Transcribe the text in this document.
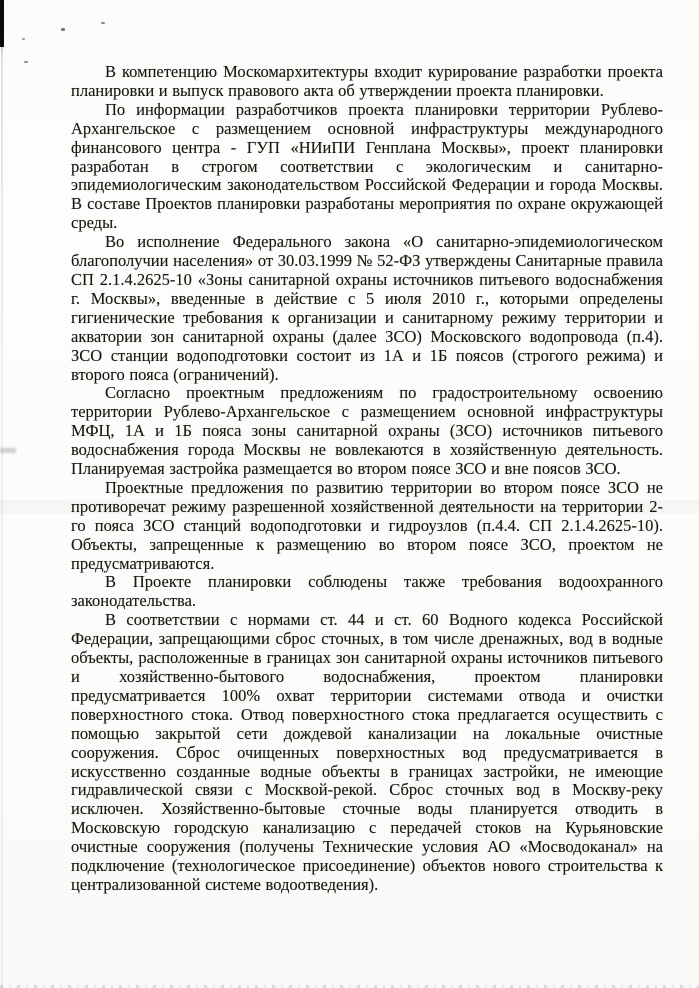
В компетенцию Москомархитектуры входит курирование разработки проекта планировки и выпуск правового акта об утверждении проекта планировки.

По информации разработчиков проекта планировки территории Рублево-Архангельское с размещением основной инфраструктуры международного финансового центра - ГУП «НИиПИ Генплана Москвы», проект планировки разработан в строгом соответствии с экологическим и санитарно-эпидемиологическим законодательством Российской Федерации и города Москвы. В составе Проектов планировки разработаны мероприятия по охране окружающей среды.

Во исполнение Федерального закона «О санитарно-эпидемиологическом благополучии населения» от 30.03.1999 № 52-ФЗ утверждены Санитарные правила СП 2.1.4.2625-10 «Зоны санитарной охраны источников питьевого водоснабжения г. Москвы», введенные в действие с 5 июля 2010 г., которыми определены гигиенические требования к организации и санитарному режиму территории и акватории зон санитарной охраны (далее ЗСО) Московского водопровода (п.4). ЗСО станции водоподготовки состоит из 1А и 1Б поясов (строгого режима) и второго пояса (ограничений).

Согласно проектным предложениям по градостроительному освоению территории Рублево-Архангельское с размещением основной инфраструктуры МФЦ, 1А и 1Б пояса зоны санитарной охраны (ЗСО) источников питьевого водоснабжения города Москвы не вовлекаются в хозяйственную деятельность. Планируемая застройка размещается во втором поясе ЗСО и вне поясов ЗСО.

Проектные предложения по развитию территории во втором поясе ЗСО не противоречат режиму разрешенной хозяйственной деятельности на территории 2-го пояса ЗСО станций водоподготовки и гидроузлов (п.4.4. СП 2.1.4.2625-10). Объекты, запрещенные к размещению во втором поясе ЗСО, проектом не предусматриваются.

В Проекте планировки соблюдены также требования водоохранного законодательства.

В соответствии с нормами ст. 44 и ст. 60 Водного кодекса Российской Федерации, запрещающими сброс сточных, в том числе дренажных, вод в водные объекты, расположенные в границах зон санитарной охраны источников питьевого и хозяйственно-бытового водоснабжения, проектом планировки предусматривается 100% охват территории системами отвода и очистки поверхностного стока. Отвод поверхностного стока предлагается осуществить с помощью закрытой сети дождевой канализации на локальные очистные сооружения. Сброс очищенных поверхностных вод предусматривается в искусственно созданные водные объекты в границах застройки, не имеющие гидравлической связи с Москвой-рекой. Сброс сточных вод в Москву-реку исключен. Хозяйственно-бытовые сточные воды планируется отводить в Московскую городскую канализацию с передачей стоков на Курьяновские очистные сооружения (получены Технические условия АО «Мосводоканал» на подключение (технологическое присоединение) объектов нового строительства к централизованной системе водоотведения).
